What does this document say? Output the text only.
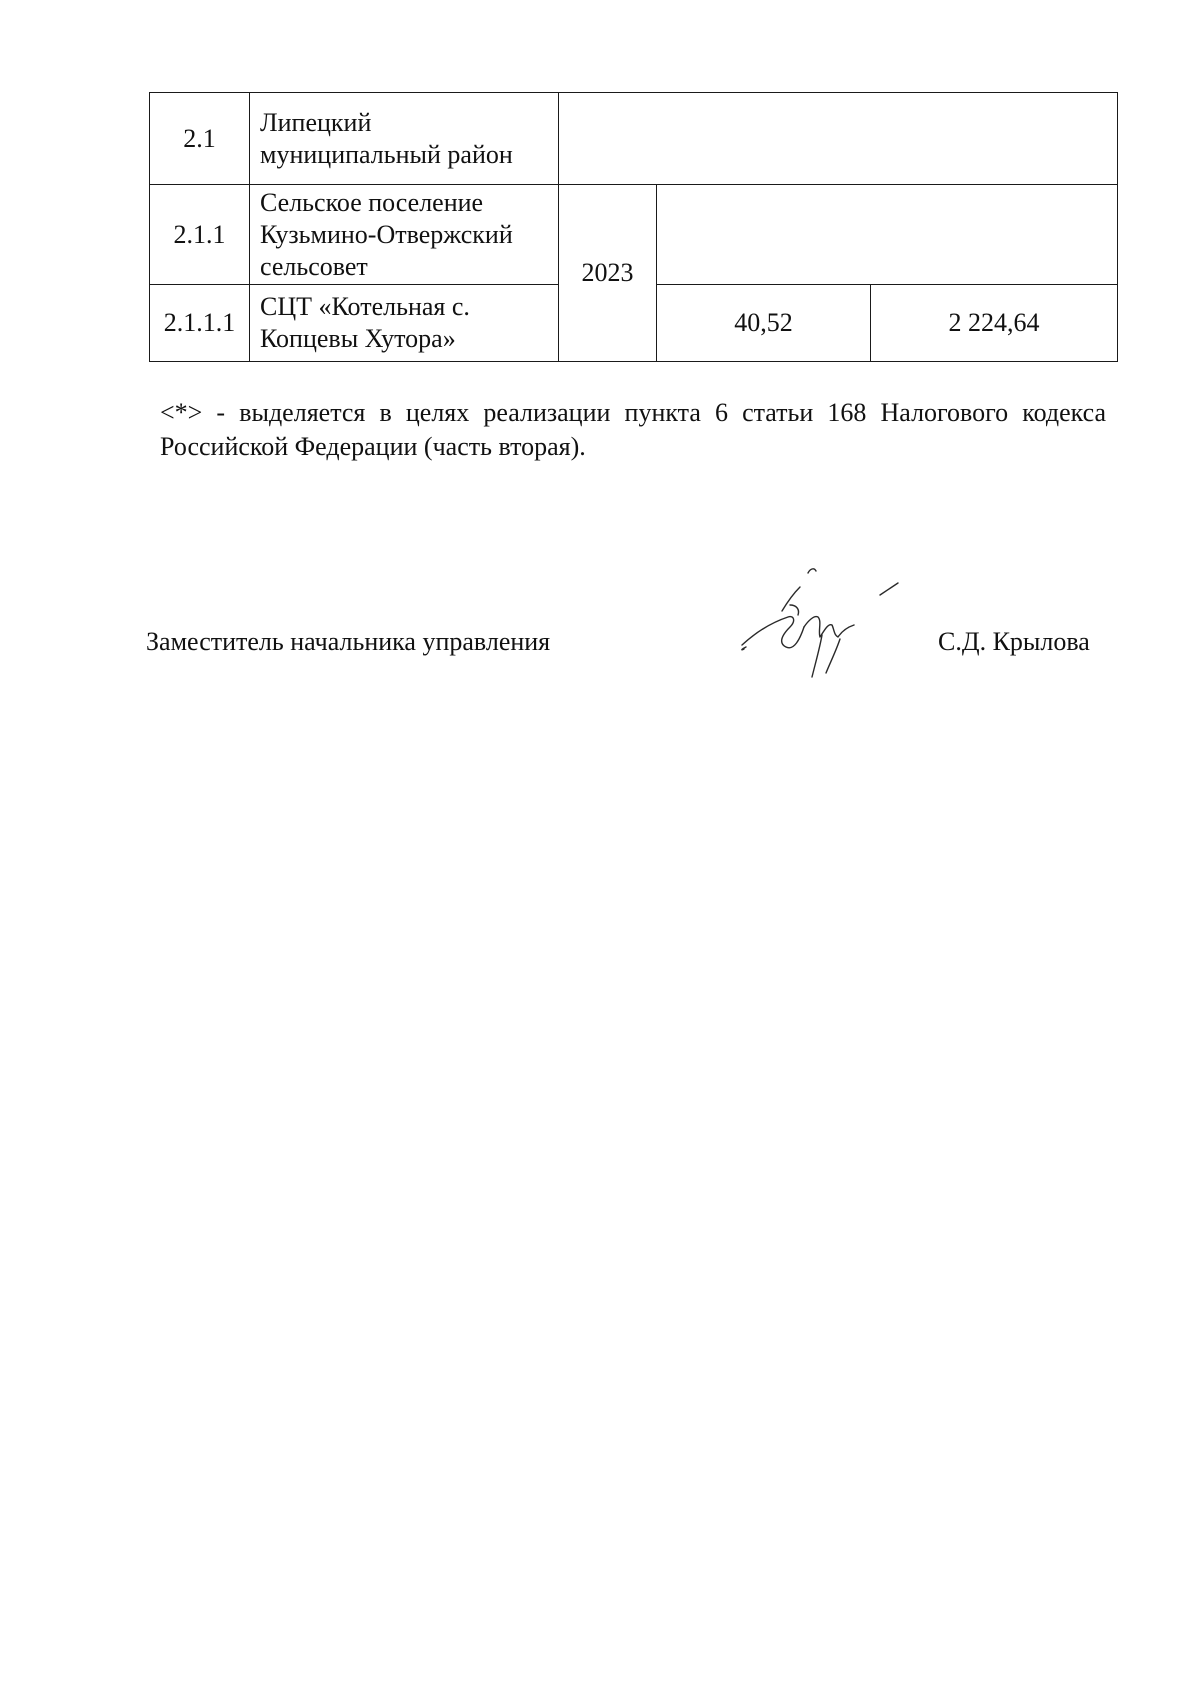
2.1	Липецкий
муниципальный район			

2.1.1	Сельское поселение
Кузьмино-Отвержский
сельсовет	2023		
2.1.1.1	СЦТ «Котельная с.
Копцевы Хутора»		40,52	2 224,64
<*> - выделяется в целях реализации пункта 6 статьи 168 Налогового кодекса Российской Федерации (часть вторая).
Заместитель начальника управления	С.Д. Крылова
